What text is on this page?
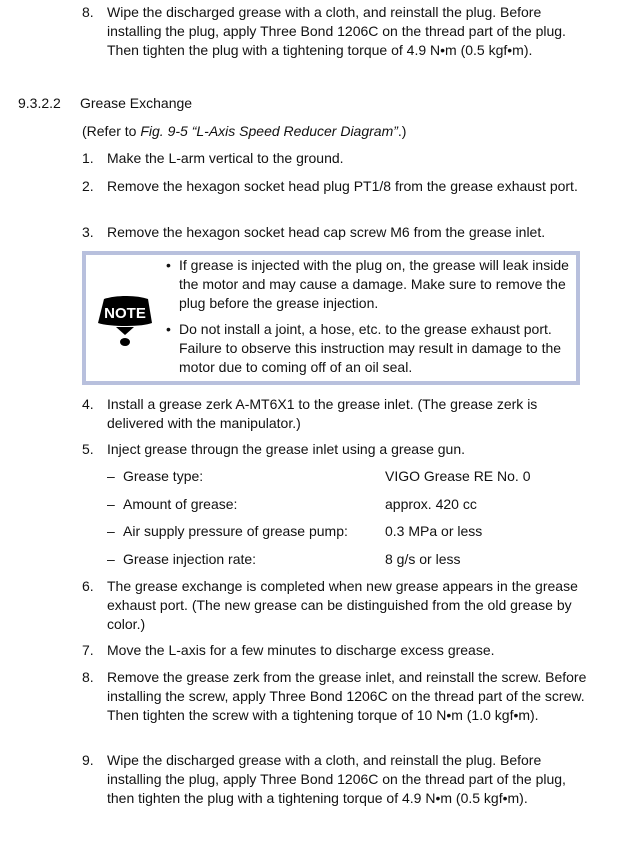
8. Wipe the discharged grease with a cloth, and reinstall the plug. Before installing the plug, apply Three Bond 1206C on the thread part of the plug. Then tighten the plug with a tightening torque of 4.9 N•m (0.5 kgf•m).
9.3.2.2 Grease Exchange
(Refer to Fig. 9-5 “L-Axis Speed Reducer Diagram”.)
1. Make the L-arm vertical to the ground.
2. Remove the hexagon socket head plug PT1/8 from the grease exhaust port.
3. Remove the hexagon socket head cap screw M6 from the grease inlet.
NOTE
• If grease is injected with the plug on, the grease will leak inside the motor and may cause a damage. Make sure to remove the plug before the grease injection.
• Do not install a joint, a hose, etc. to the grease exhaust port. Failure to observe this instruction may result in damage to the motor due to coming off of an oil seal.
4. Install a grease zerk A-MT6X1 to the grease inlet. (The grease zerk is delivered with the manipulator.)
5. Inject grease througn the grease inlet using a grease gun.
– Grease type:	VIGO Grease RE No. 0
– Amount of grease:	approx. 420 cc
– Air supply pressure of grease pump:	0.3 MPa or less
– Grease injection rate:	8 g/s or less
6. The grease exchange is completed when new grease appears in the grease exhaust port. (The new grease can be distinguished from the old grease by color.)
7. Move the L-axis for a few minutes to discharge excess grease.
8. Remove the grease zerk from the grease inlet, and reinstall the screw. Before installing the screw, apply Three Bond 1206C on the thread part of the screw. Then tighten the screw with a tightening torque of 10 N•m (1.0 kgf•m).
9. Wipe the discharged grease with a cloth, and reinstall the plug. Before installing the plug, apply Three Bond 1206C on the thread part of the plug, then tighten the plug with a tightening torque of 4.9 N•m (0.5 kgf•m).
